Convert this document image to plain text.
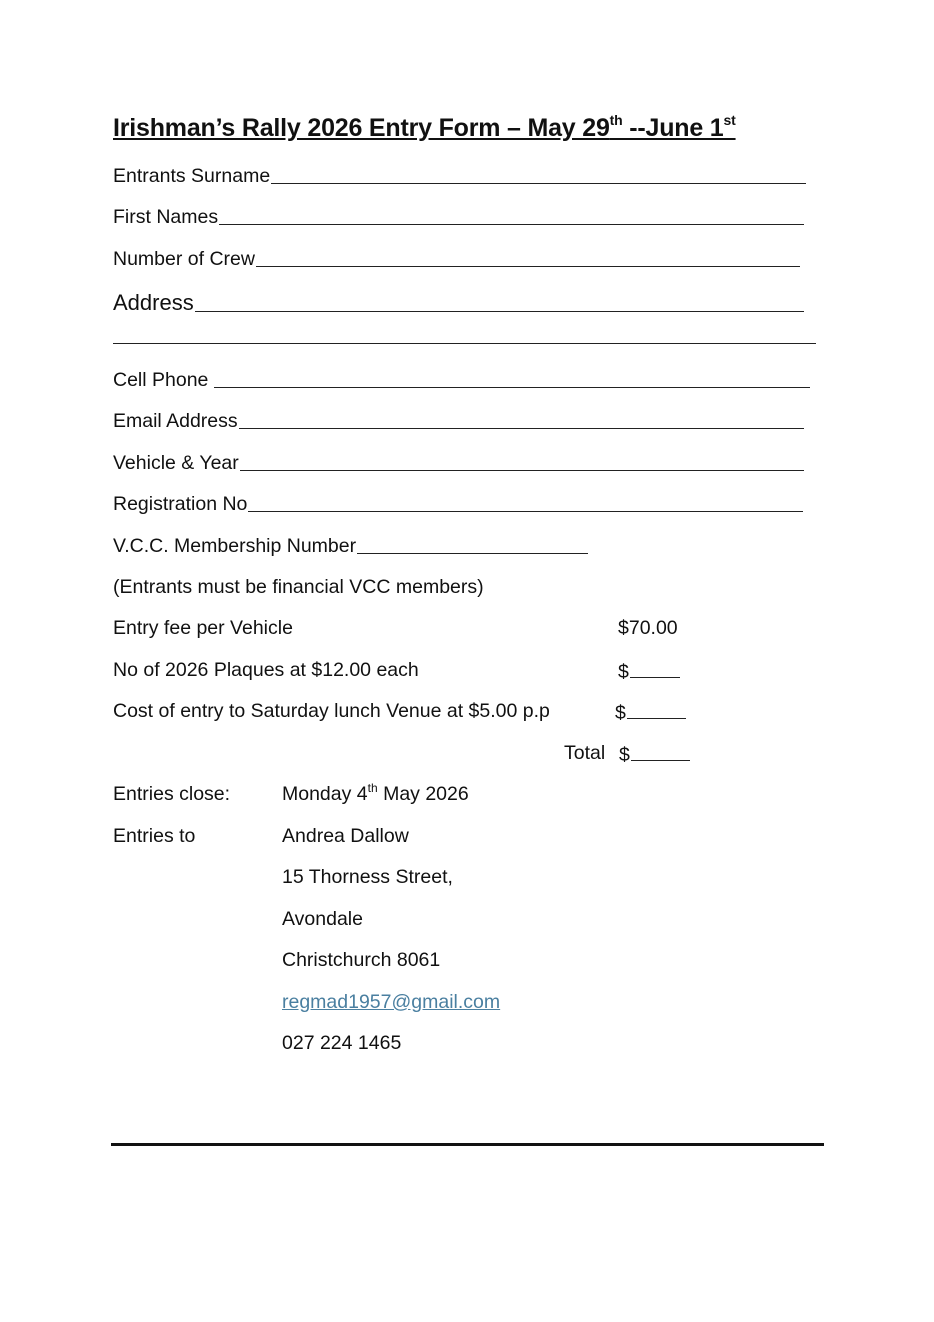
Irishman’s Rally 2026 Entry Form – May 29th --June 1st
Entrants Surname
First Names
Number of Crew
Address
Cell Phone
Email Address
Vehicle & Year
Registration No
V.C.C. Membership Number
(Entrants must be financial VCC members)
Entry fee per Vehicle	$70.00
No of 2026 Plaques at $12.00 each	$
Cost of entry to Saturday lunch Venue at $5.00 p.p	$
Total $
Entries close:	Monday 4th May 2026
Entries to	Andrea Dallow
15 Thorness Street,
Avondale
Christchurch 8061
regmad1957@gmail.com
027 224 1465
